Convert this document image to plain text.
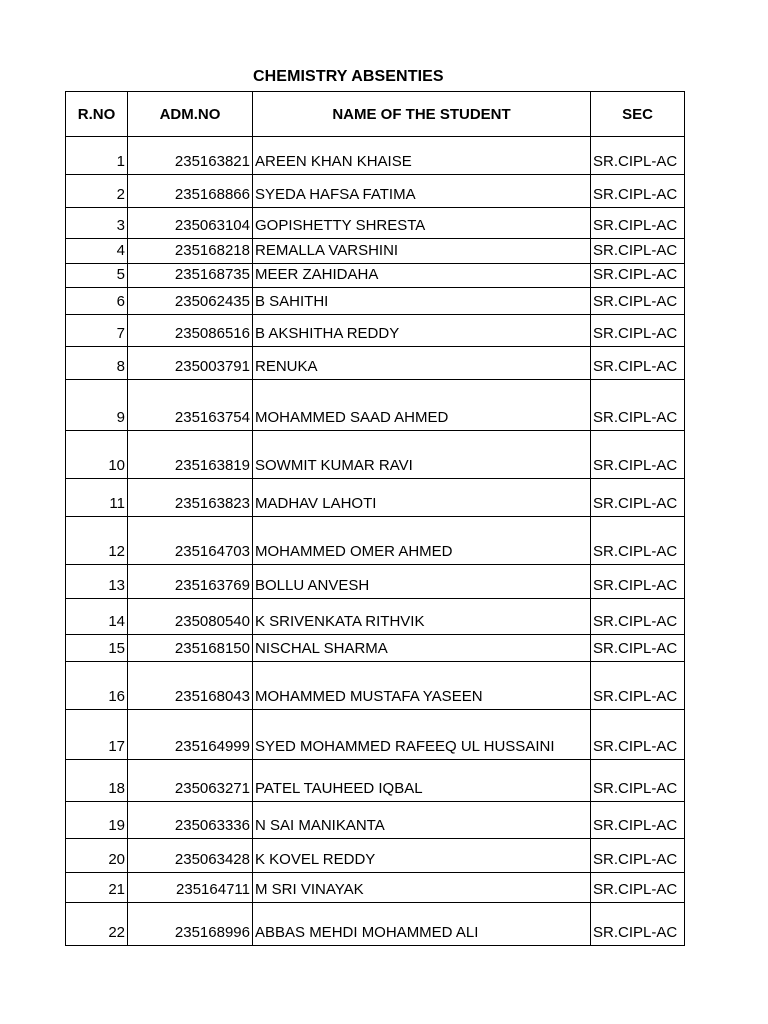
CHEMISTRY ABSENTIES
R.NO	ADM.NO	NAME OF THE STUDENT	SEC
1	235163821	AREEN KHAN KHAISE	SR.CIPL-AC
2	235168866	SYEDA HAFSA FATIMA	SR.CIPL-AC
3	235063104	GOPISHETTY SHRESTA	SR.CIPL-AC
4	235168218	REMALLA VARSHINI	SR.CIPL-AC
5	235168735	MEER ZAHIDAHA	SR.CIPL-AC
6	235062435	B SAHITHI	SR.CIPL-AC
7	235086516	B AKSHITHA REDDY	SR.CIPL-AC
8	235003791	RENUKA	SR.CIPL-AC
9	235163754	MOHAMMED SAAD AHMED	SR.CIPL-AC
10	235163819	SOWMIT KUMAR RAVI	SR.CIPL-AC
11	235163823	MADHAV LAHOTI	SR.CIPL-AC
12	235164703	MOHAMMED OMER AHMED	SR.CIPL-AC
13	235163769	BOLLU ANVESH	SR.CIPL-AC
14	235080540	K SRIVENKATA RITHVIK	SR.CIPL-AC
15	235168150	NISCHAL SHARMA	SR.CIPL-AC
16	235168043	MOHAMMED MUSTAFA YASEEN	SR.CIPL-AC
17	235164999	SYED MOHAMMED RAFEEQ UL HUSSAINI	SR.CIPL-AC
18	235063271	PATEL TAUHEED IQBAL	SR.CIPL-AC
19	235063336	N SAI MANIKANTA	SR.CIPL-AC
20	235063428	K KOVEL REDDY	SR.CIPL-AC
21	235164711	M SRI VINAYAK	SR.CIPL-AC
22	235168996	ABBAS MEHDI MOHAMMED ALI	SR.CIPL-AC
